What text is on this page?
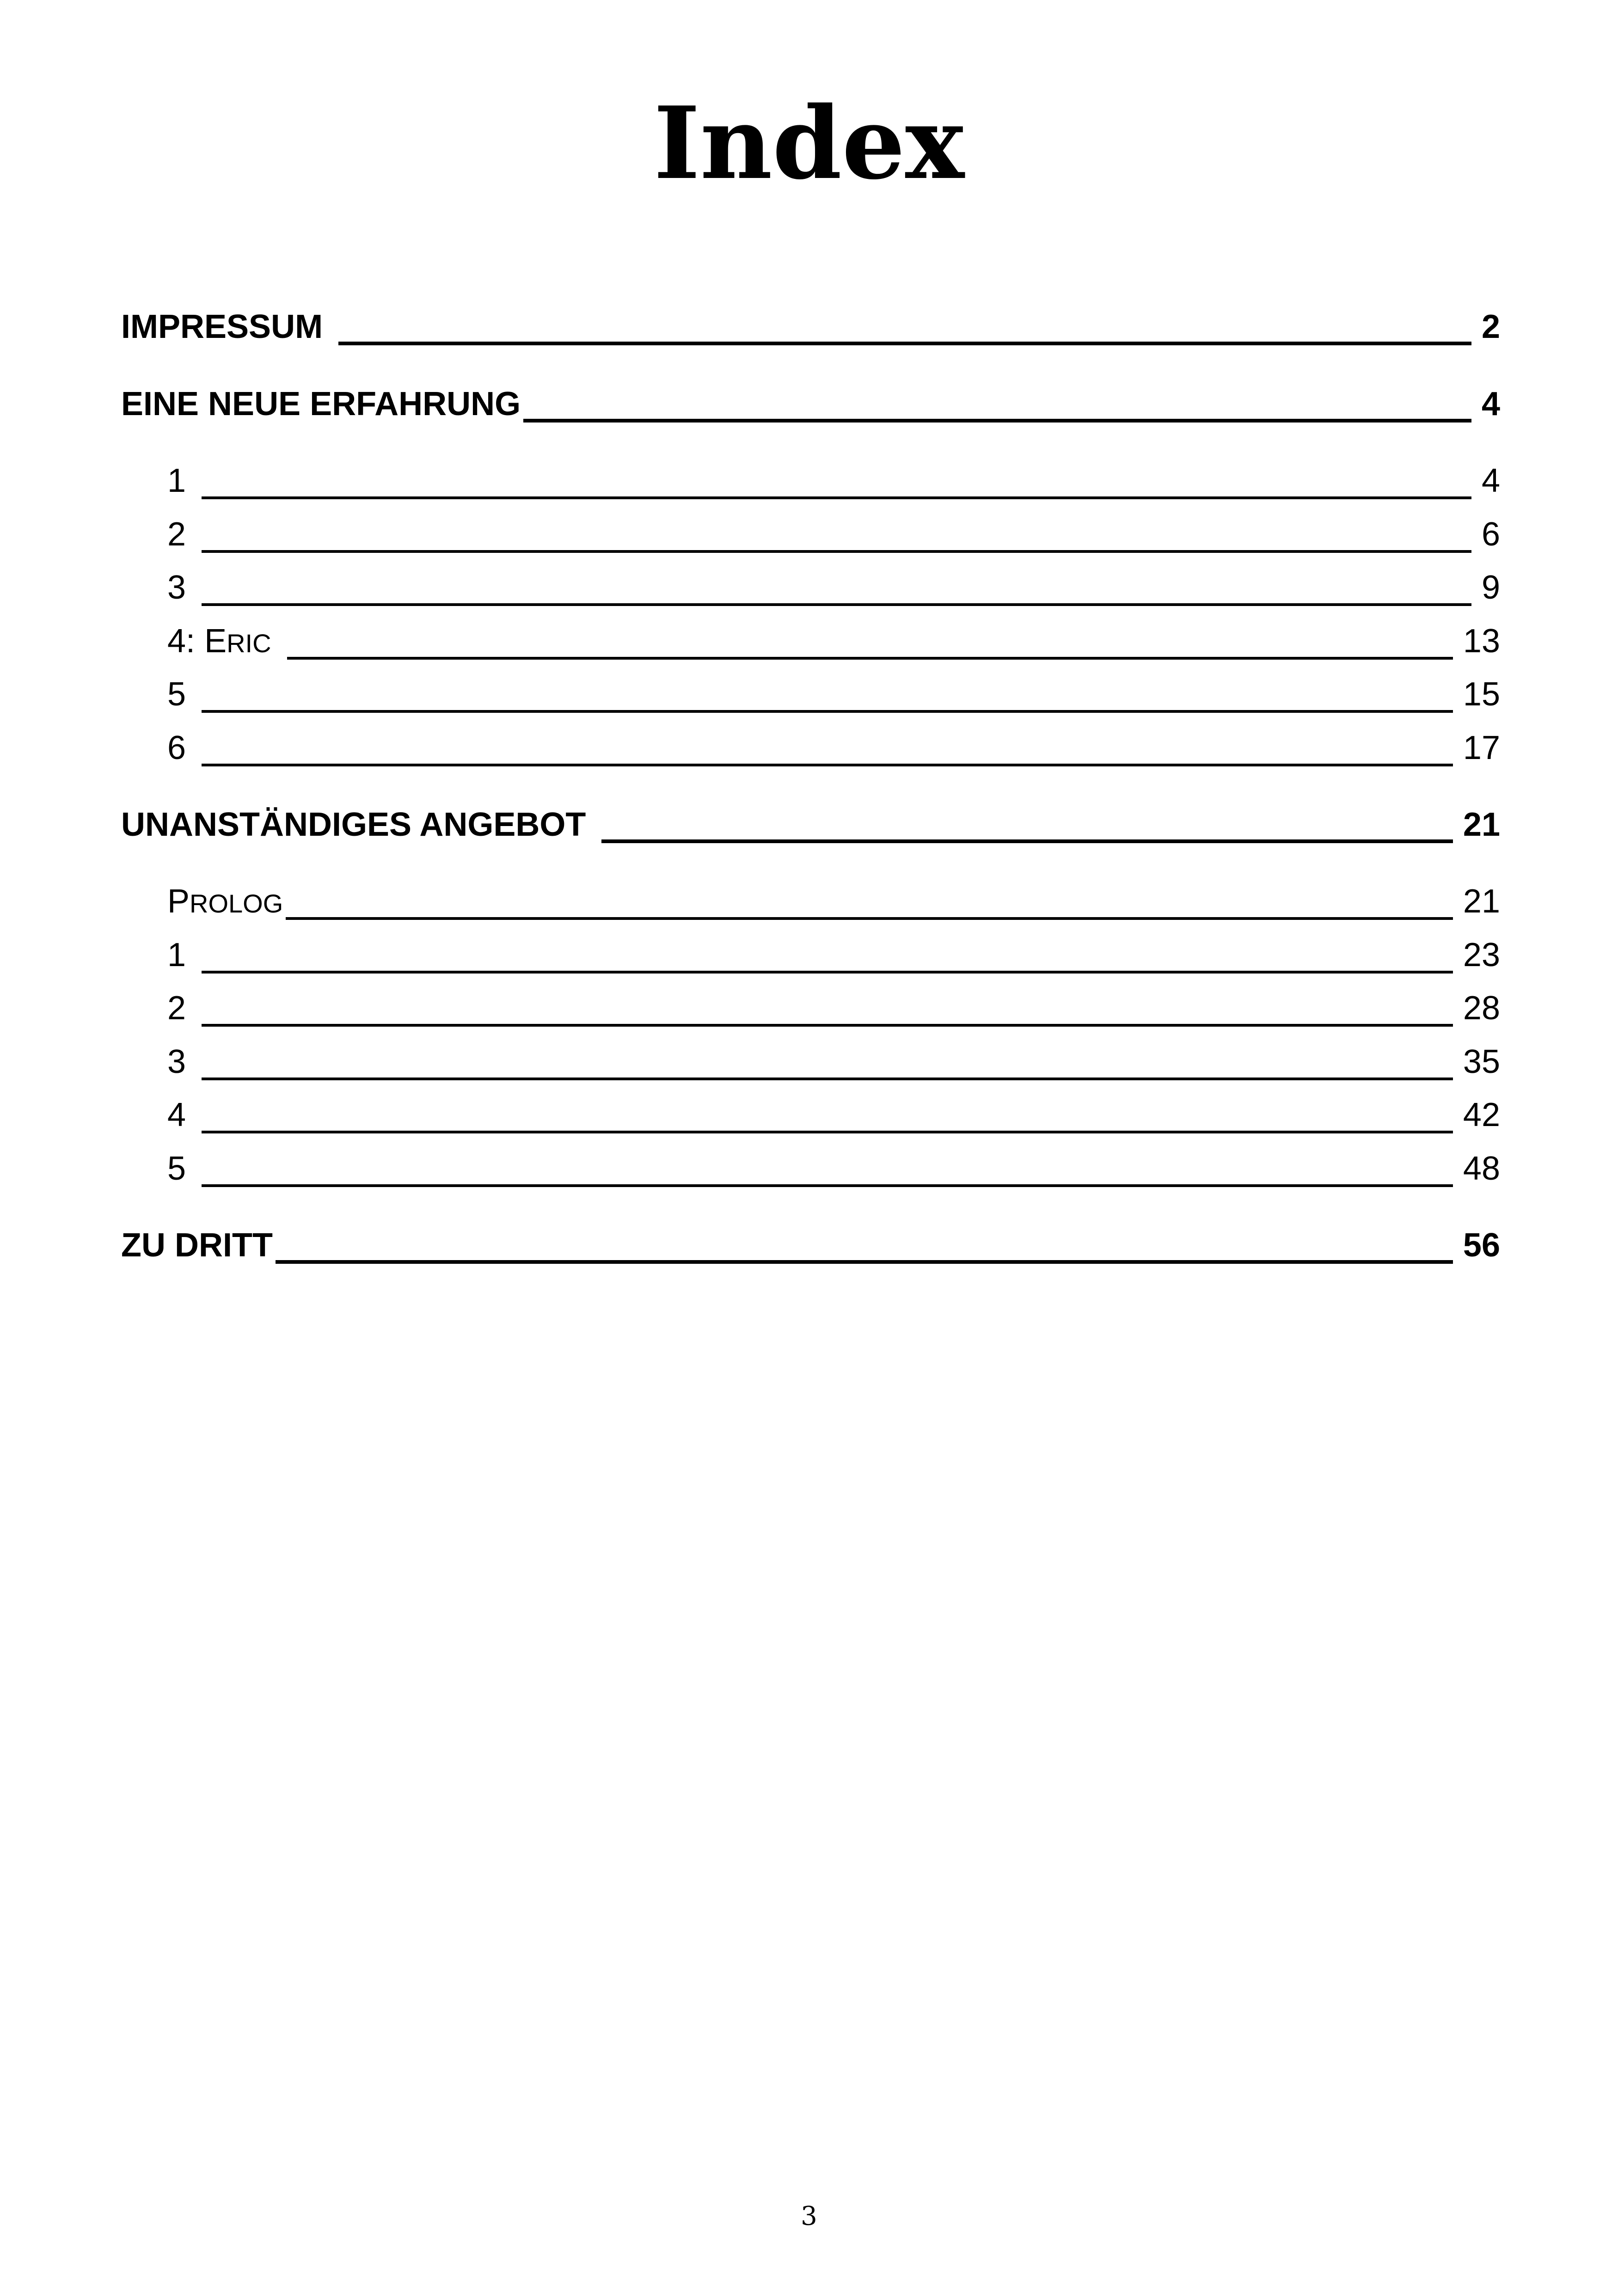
Index
IMPRESSUM	2
EINE NEUE ERFAHRUNG	4
1	4
2	6
3	9
4: ERIC	13
5	15
6	17
UNANSTÄNDIGES ANGEBOT	21
PROLOG	21
1	23
2	28
3	35
4	42
5	48
ZU DRITT	56

3
